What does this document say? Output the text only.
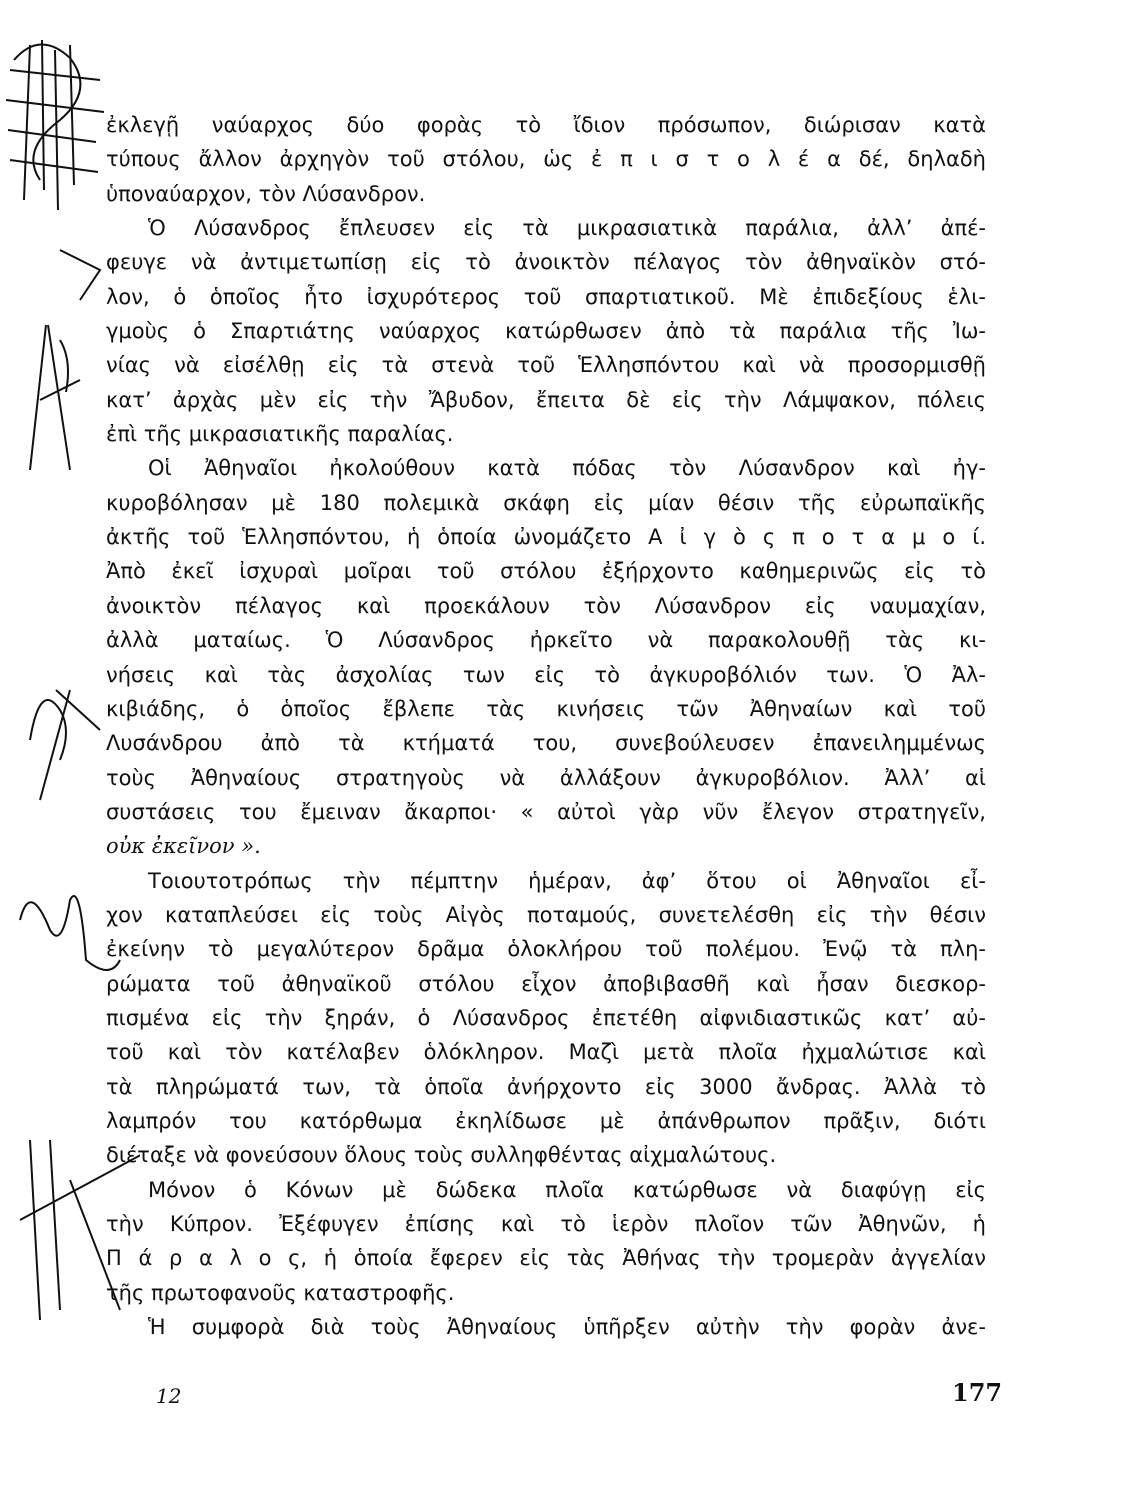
ἐκλεγῇ ναύαρχος δύο φορὰς τὸ ἴδιον πρόσωπον, διώρισαν κατὰ
τύπους ἄλλον ἀρχηγὸν τοῦ στόλου, ὡς ἐ π ι σ τ ο λ έ α δέ, δηλαδὴ
ὑποναύαρχον, τὸν Λύσανδρον.
Ὁ Λύσανδρος ἔπλευσεν εἰς τὰ μικρασιατικὰ παράλια, ἀλλ’ ἀπέ-
φευγε νὰ ἀντιμετωπίσῃ εἰς τὸ ἀνοικτὸν πέλαγος τὸν ἀθηναϊκὸν στό-
λον, ὁ ὁποῖος ἦτο ἰσχυρότερος τοῦ σπαρτιατικοῦ. Μὲ ἐπιδεξίους ἑλι-
γμοὺς ὁ Σπαρτιάτης ναύαρχος κατώρθωσεν ἀπὸ τὰ παράλια τῆς Ἰω-
νίας νὰ εἰσέλθῃ εἰς τὰ στενὰ τοῦ Ἑλλησπόντου καὶ νὰ προσορμισθῇ
κατ’ ἀρχὰς μὲν εἰς τὴν Ἄβυδον, ἔπειτα δὲ εἰς τὴν Λάμψακον, πόλεις
ἐπὶ τῆς μικρασιατικῆς παραλίας.
Οἱ Ἀθηναῖοι ἠκολούθουν κατὰ πόδας τὸν Λύσανδρον καὶ ἠγ-
κυροβόλησαν μὲ 180 πολεμικὰ σκάφη εἰς μίαν θέσιν τῆς εὐρωπαϊκῆς
ἀκτῆς τοῦ Ἑλλησπόντου, ἡ ὁποία ὠνομάζετο Α ἰ γ ὸ ς π ο τ α μ ο ί.
Ἀπὸ ἐκεῖ ἰσχυραὶ μοῖραι τοῦ στόλου ἐξήρχοντο καθημερινῶς εἰς τὸ
ἀνοικτὸν πέλαγος καὶ προεκάλουν τὸν Λύσανδρον εἰς ναυμαχίαν,
ἀλλὰ ματαίως. Ὁ Λύσανδρος ἠρκεῖτο νὰ παρακολουθῇ τὰς κι-
νήσεις καὶ τὰς ἀσχολίας των εἰς τὸ ἀγκυροβόλιόν των. Ὁ Ἀλ-
κιβιάδης, ὁ ὁποῖος ἔβλεπε τὰς κινήσεις τῶν Ἀθηναίων καὶ τοῦ
Λυσάνδρου ἀπὸ τὰ κτήματά του, συνεβούλευσεν ἐπανειλημμένως
τοὺς Ἀθηναίους στρατηγοὺς νὰ ἀλλάξουν ἀγκυροβόλιον. Ἀλλ’ αἱ
συστάσεις του ἔμειναν ἄκαρποι· « αὐτοὶ γὰρ νῦν ἔλεγον στρατηγεῖν,
οὐκ ἐκεῖνον ».
Τοιουτοτρόπως τὴν πέμπτην ἡμέραν, ἀφ’ ὅτου οἱ Ἀθηναῖοι εἶ-
χον καταπλεύσει εἰς τοὺς Αἰγὸς ποταμούς, συνετελέσθη εἰς τὴν θέσιν
ἐκείνην τὸ μεγαλύτερον δρᾶμα ὁλοκλήρου τοῦ πολέμου. Ἐνῷ τὰ πλη-
ρώματα τοῦ ἀθηναϊκοῦ στόλου εἶχον ἀποβιβασθῆ καὶ ἦσαν διεσκορ-
πισμένα εἰς τὴν ξηράν, ὁ Λύσανδρος ἐπετέθη αἰφνιδιαστικῶς κατ’ αὐ-
τοῦ καὶ τὸν κατέλαβεν ὁλόκληρον. Μαζὶ μετὰ πλοῖα ἠχμαλώτισε καὶ
τὰ πληρώματά των, τὰ ὁποῖα ἀνήρχοντο εἰς 3000 ἄνδρας. Ἀλλὰ τὸ
λαμπρόν του κατόρθωμα ἐκηλίδωσε μὲ ἀπάνθρωπον πρᾶξιν, διότι
διέταξε νὰ φονεύσουν ὅλους τοὺς συλληφθέντας αἰχμαλώτους.
Μόνον ὁ Κόνων μὲ δώδεκα πλοῖα κατώρθωσε νὰ διαφύγῃ εἰς
τὴν Κύπρον. Ἐξέφυγεν ἐπίσης καὶ τὸ ἱερὸν πλοῖον τῶν Ἀθηνῶν, ἡ
Π ά ρ α λ ο ς, ἡ ὁποία ἔφερεν εἰς τὰς Ἀθήνας τὴν τρομερὰν ἀγγελίαν
τῆς πρωτοφανοῦς καταστροφῆς.
Ἡ συμφορὰ διὰ τοὺς Ἀθηναίους ὑπῆρξεν αὐτὴν τὴν φορὰν ἀνε-
12	177
